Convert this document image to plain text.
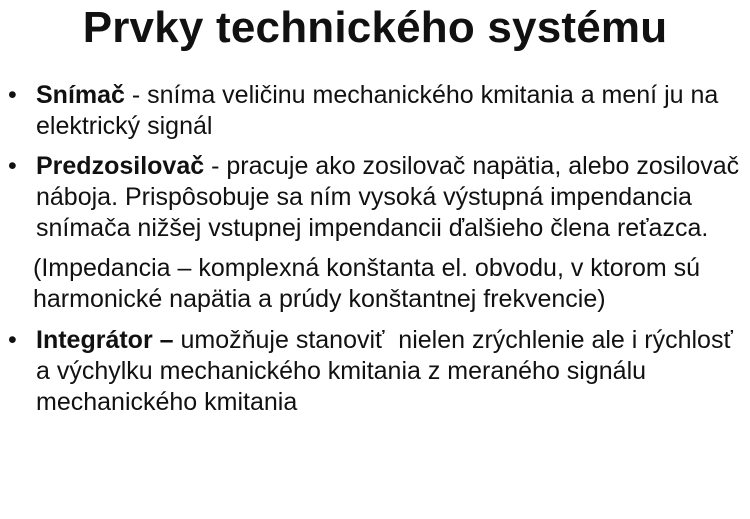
Prvky technického systému
• Snímač - sníma veličinu mechanického kmitania a mení ju na elektrický signál
• Predzosilovač - pracuje ako zosilovač napätia, alebo zosilovač náboja. Prispôsobuje sa ním vysoká výstupná impendancia snímača nižšej vstupnej impendancii ďalšieho člena reťazca.
(Impedancia – komplexná konštanta el. obvodu, v ktorom sú harmonické napätia a prúdy konštantnej frekvencie)
• Integrátor – umožňuje stanoviť  nielen zrýchlenie ale i rýchlosť a výchylku mechanického kmitania z meraného signálu mechanického kmitania
